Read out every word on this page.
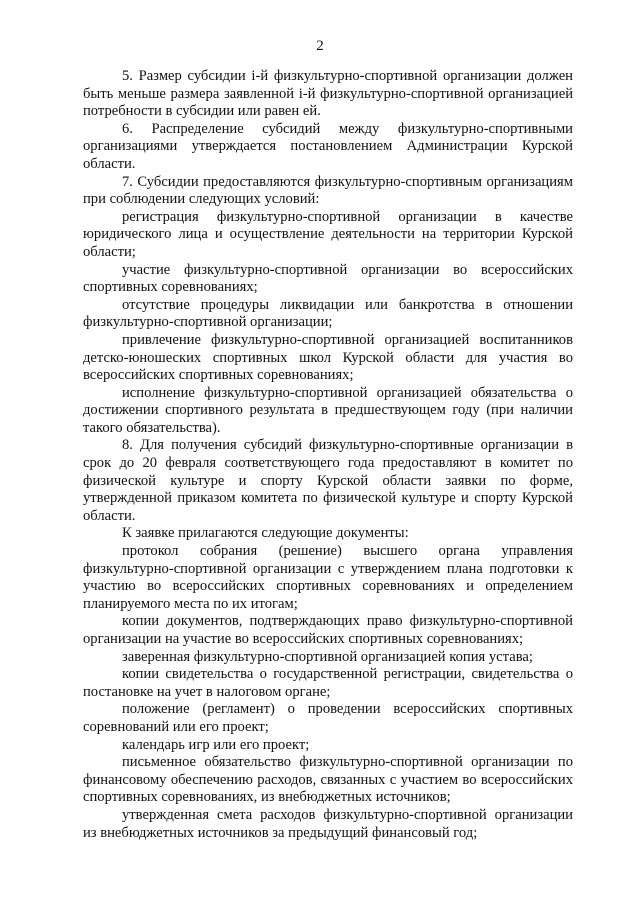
2

5. Размер субсидии i-й физкультурно-спортивной организации должен быть меньше размера заявленной i-й физкультурно-спортивной организацией потребности в субсидии или равен ей.

6. Распределение субсидий между физкультурно-спортивными организациями утверждается постановлением Администрации Курской области.

7. Субсидии предоставляются физкультурно-спортивным организациям при соблюдении следующих условий:

регистрация физкультурно-спортивной организации в качестве юридического лица и осуществление деятельности на территории Курской области;

участие физкультурно-спортивной организации во всероссийских спортивных соревнованиях;

отсутствие процедуры ликвидации или банкротства в отношении физкультурно-спортивной организации;

привлечение физкультурно-спортивной организацией воспитанников детско-юношеских спортивных школ Курской области для участия во всероссийских спортивных соревнованиях;

исполнение физкультурно-спортивной организацией обязательства о достижении спортивного результата в предшествующем году (при наличии такого обязательства).

8. Для получения субсидий физкультурно-спортивные организации в срок до 20 февраля соответствующего года предоставляют в комитет по физической культуре и спорту Курской области заявки по форме, утвержденной приказом комитета по физической культуре и спорту Курской области.

К заявке прилагаются следующие документы:

протокол собрания (решение) высшего органа управления физкультурно-спортивной организации с утверждением плана подготовки к участию во всероссийских спортивных соревнованиях и определением планируемого места по их итогам;

копии документов, подтверждающих право физкультурно-спортивной организации на участие во всероссийских спортивных соревнованиях;

заверенная физкультурно-спортивной организацией копия устава;

копии свидетельства о государственной регистрации, свидетельства о постановке на учет в налоговом органе;

положение (регламент) о проведении всероссийских спортивных соревнований или его проект;

календарь игр или его проект;

письменное обязательство физкультурно-спортивной организации по финансовому обеспечению расходов, связанных с участием во всероссийских спортивных соревнованиях, из внебюджетных источников;

утвержденная смета расходов физкультурно-спортивной организации из внебюджетных источников за предыдущий финансовый год;
